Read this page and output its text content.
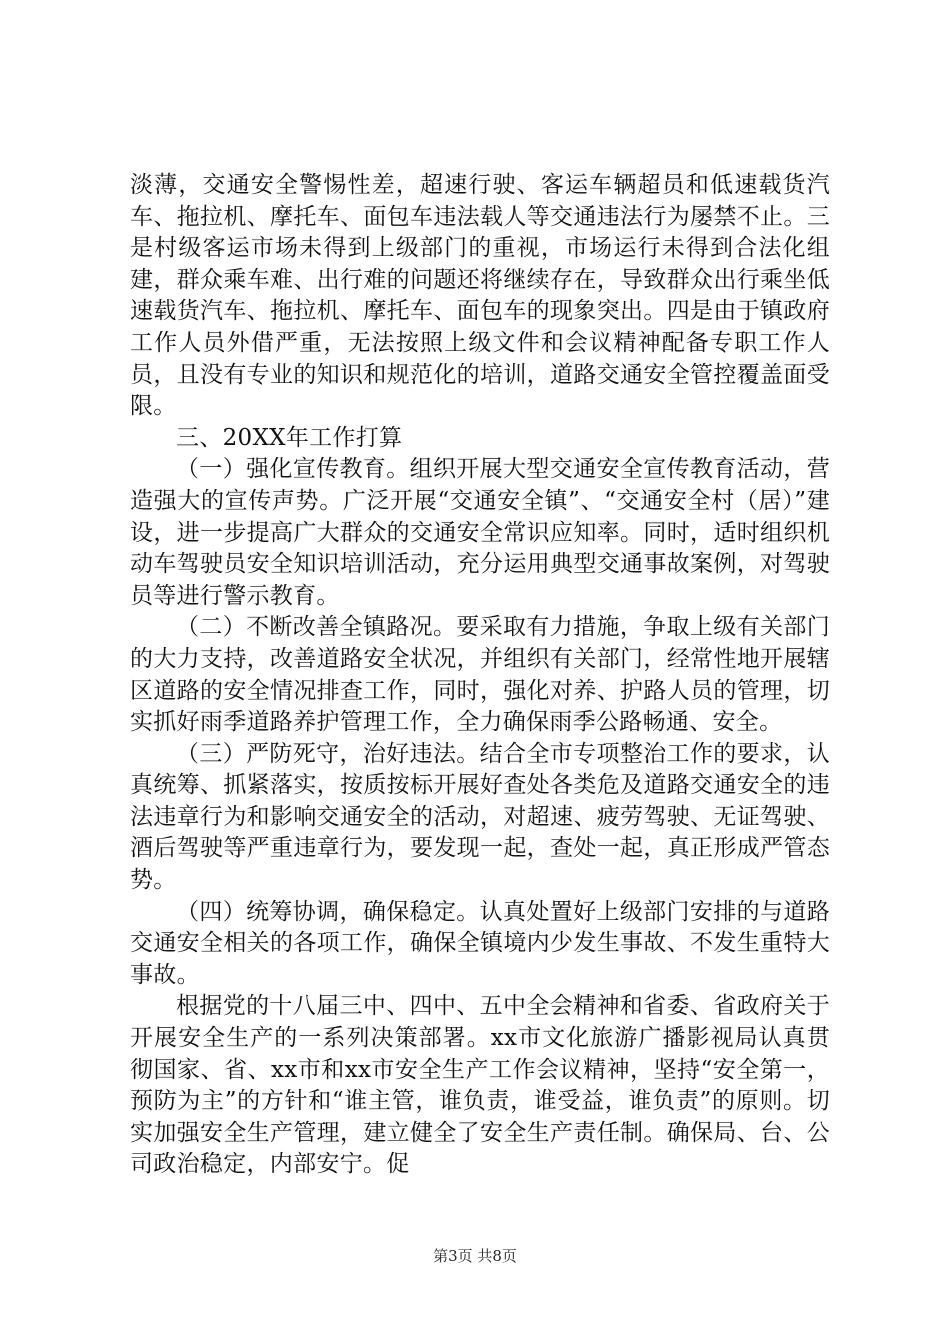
淡薄，交通安全警惕性差，超速行驶、客运车辆超员和低速载货汽车、拖拉机、摩托车、面包车违法载人等交通违法行为屡禁不止。三是村级客运市场未得到上级部门的重视，市场运行未得到合法化组建，群众乘车难、出行难的问题还将继续存在，导致群众出行乘坐低速载货汽车、拖拉机、摩托车、面包车的现象突出。四是由于镇政府工作人员外借严重，无法按照上级文件和会议精神配备专职工作人员，且没有专业的知识和规范化的培训，道路交通安全管控覆盖面受限。

三、20XX年工作打算

（一）强化宣传教育。组织开展大型交通安全宣传教育活动，营造强大的宣传声势。广泛开展“交通安全镇”、“交通安全村（居）”建设，进一步提高广大群众的交通安全常识应知率。同时，适时组织机动车驾驶员安全知识培训活动，充分运用典型交通事故案例，对驾驶员等进行警示教育。

（二）不断改善全镇路况。要采取有力措施，争取上级有关部门的大力支持，改善道路安全状况，并组织有关部门，经常性地开展辖区道路的安全情况排查工作，同时，强化对养、护路人员的管理，切实抓好雨季道路养护管理工作，全力确保雨季公路畅通、安全。

（三）严防死守，治好违法。结合全市专项整治工作的要求，认真统筹、抓紧落实，按质按标开展好查处各类危及道路交通安全的违法违章行为和影响交通安全的活动，对超速、疲劳驾驶、无证驾驶、酒后驾驶等严重违章行为，要发现一起，查处一起，真正形成严管态势。

（四）统筹协调，确保稳定。认真处置好上级部门安排的与道路交通安全相关的各项工作，确保全镇境内少发生事故、不发生重特大事故。

根据党的十八届三中、四中、五中全会精神和省委、省政府关于开展安全生产的一系列决策部署。xx市文化旅游广播影视局认真贯彻国家、省、xx市和xx市安全生产工作会议精神，坚持“安全第一，预防为主”的方针和“谁主管，谁负责，谁受益，谁负责”的原则。切实加强安全生产管理，建立健全了安全生产责任制。确保局、台、公司政治稳定，内部安宁。促

第3页 共8页
